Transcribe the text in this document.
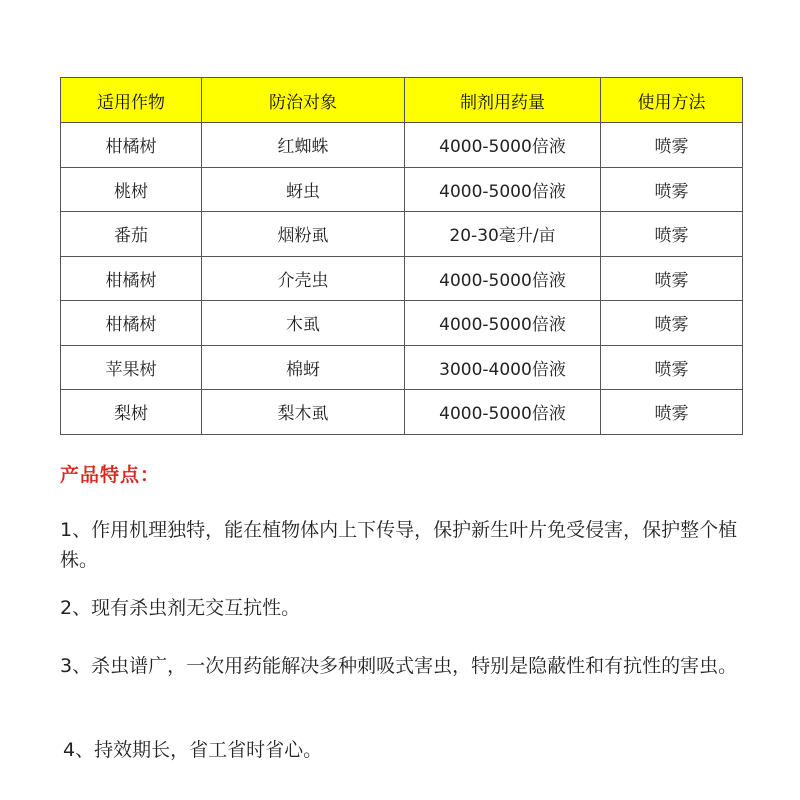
适用作物	防治对象	制剂用药量	使用方法
柑橘树	红蜘蛛	4000-5000倍液	喷雾
桃树	蚜虫	4000-5000倍液	喷雾
番茄	烟粉虱	20-30毫升/亩	喷雾
柑橘树	介壳虫	4000-5000倍液	喷雾
柑橘树	木虱	4000-5000倍液	喷雾
苹果树	棉蚜	3000-4000倍液	喷雾
梨树	梨木虱	4000-5000倍液	喷雾
产品特点：

1、作用机理独特，能在植物体内上下传导，保护新生叶片免受侵害，保护整个植株。

2、现有杀虫剂无交互抗性。

3、杀虫谱广，一次用药能解决多种刺吸式害虫，特别是隐蔽性和有抗性的害虫。

4、持效期长，省工省时省心。
